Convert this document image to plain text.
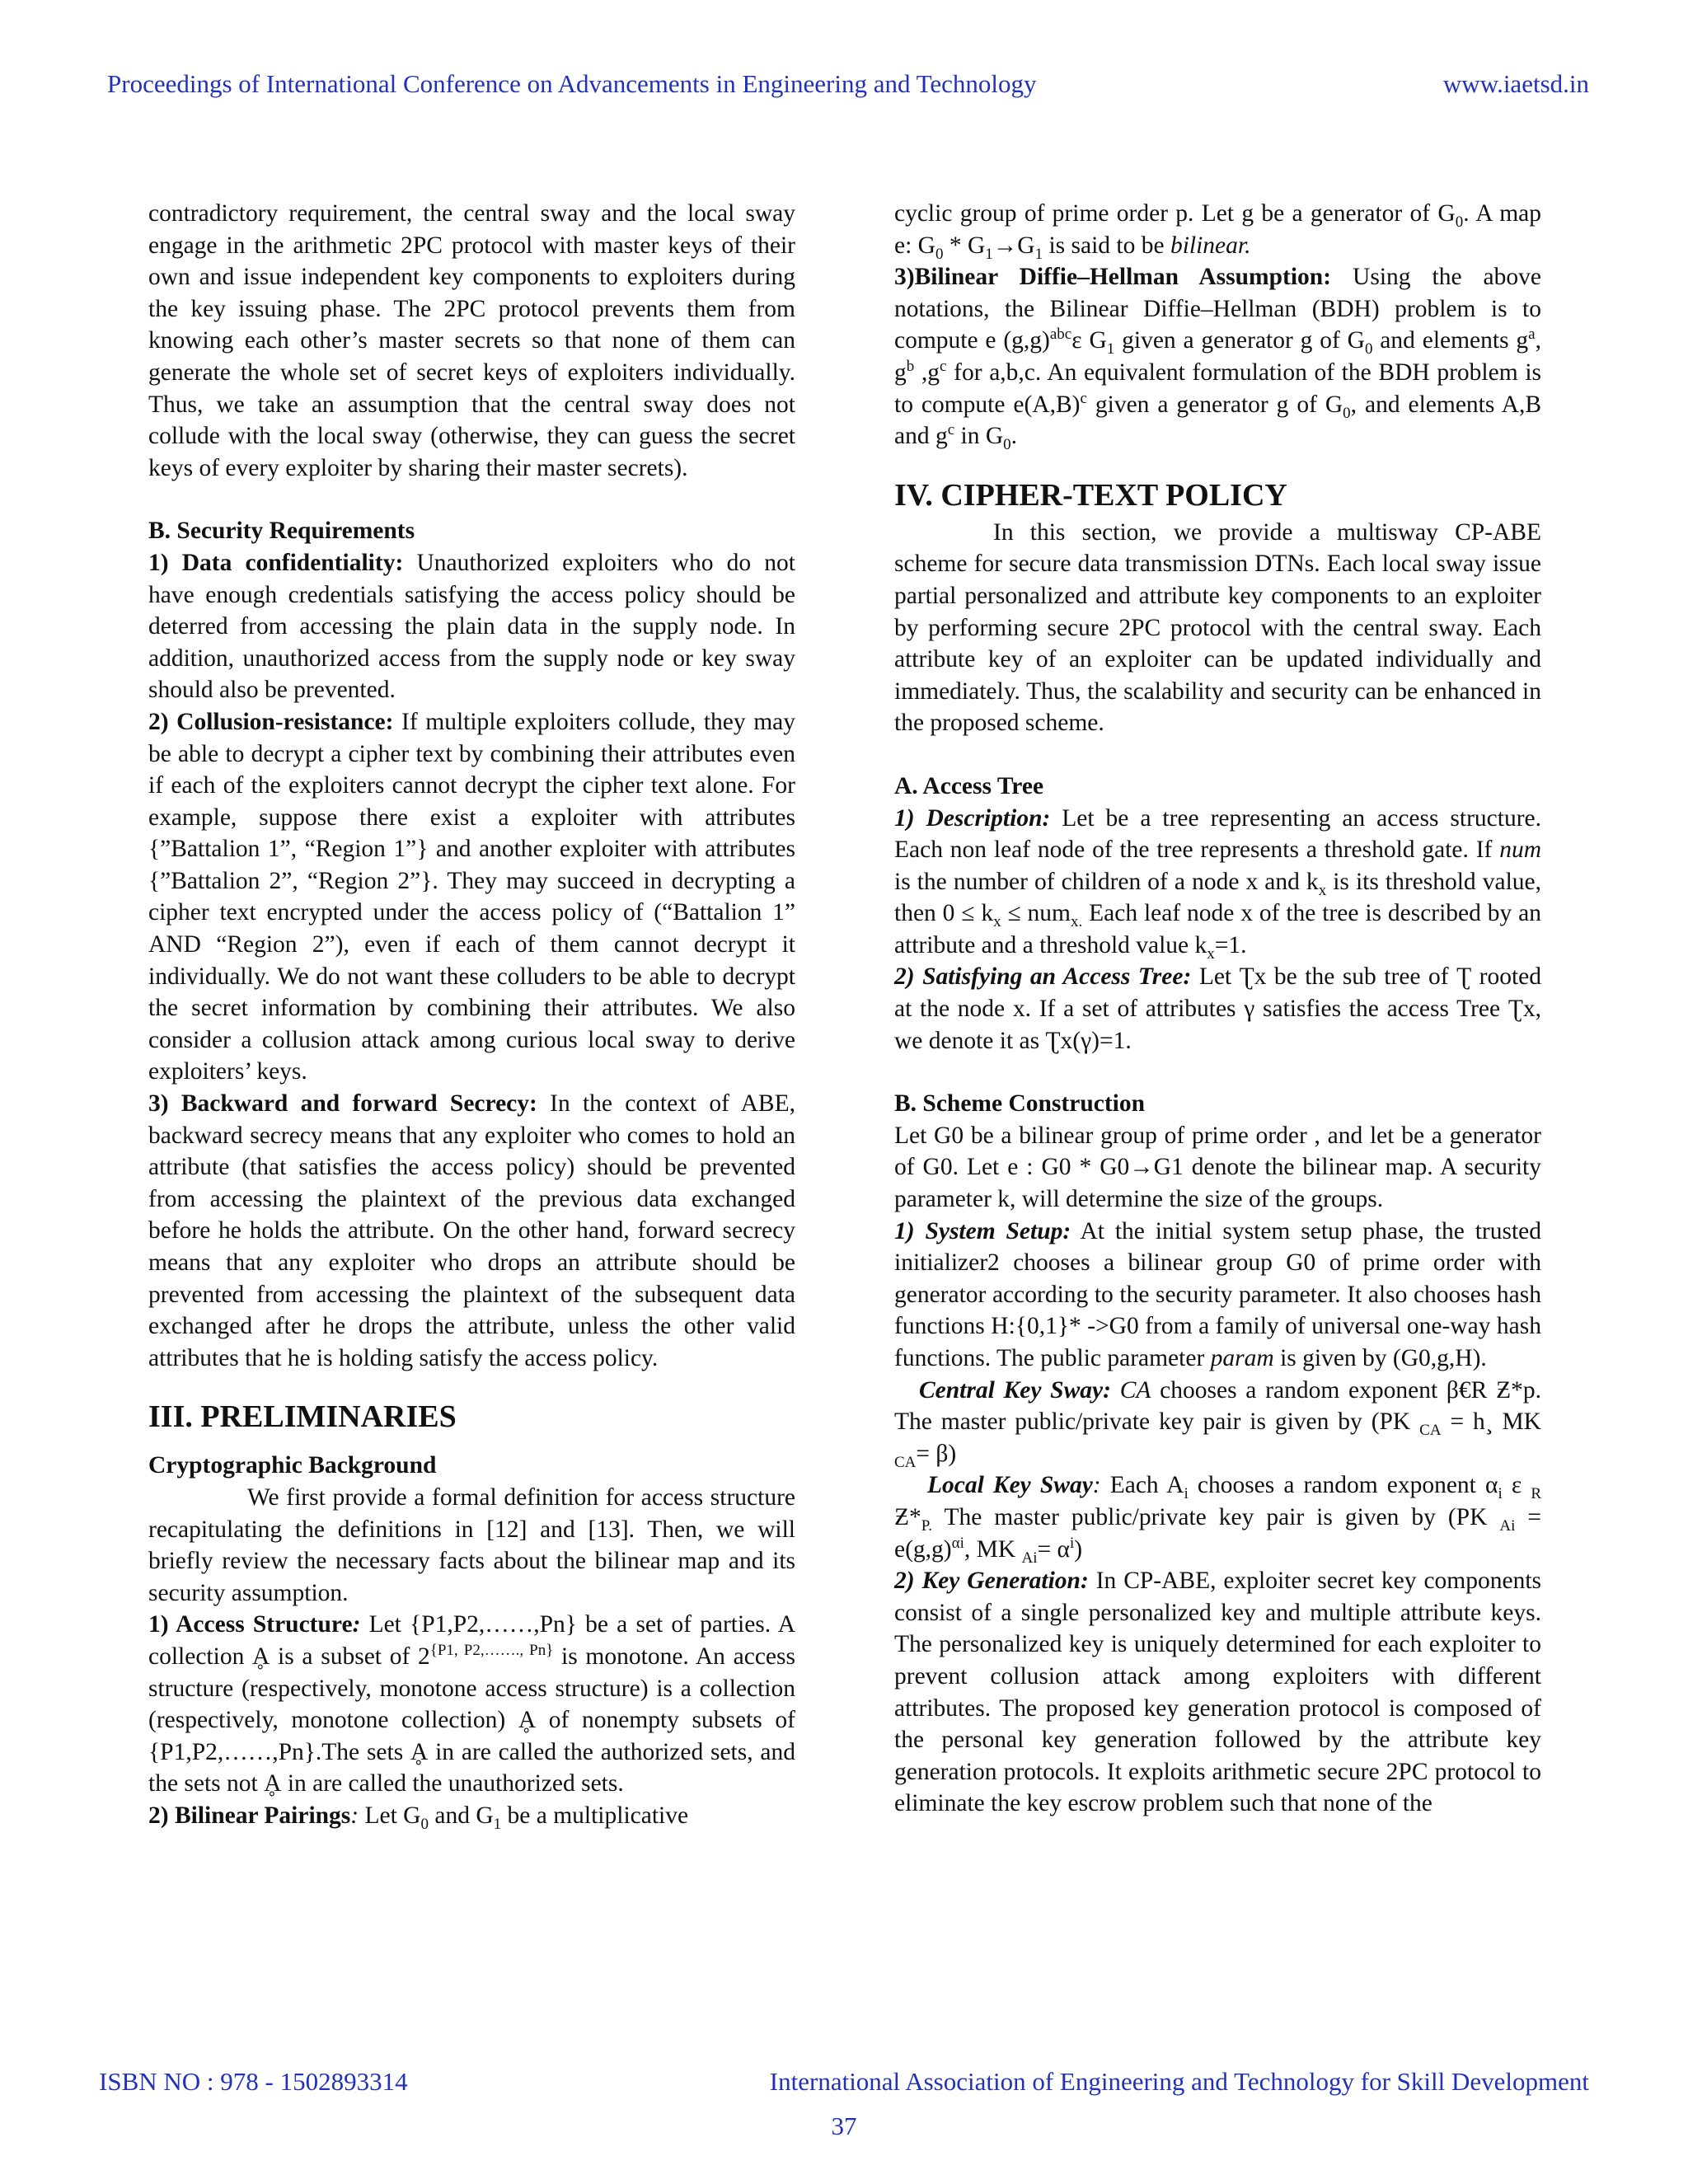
Proceedings of International Conference on Advancements in Engineering and Technology	www.iaetsd.in

contradictory requirement, the central sway and the local sway engage in the arithmetic 2PC protocol with master keys of their own and issue independent key components to exploiters during the key issuing phase. The 2PC protocol prevents them from knowing each other’s master secrets so that none of them can generate the whole set of secret keys of exploiters individually. Thus, we take an assumption that the central sway does not collude with the local sway (otherwise, they can guess the secret keys of every exploiter by sharing their master secrets).

B. Security Requirements

1) Data confidentiality: Unauthorized exploiters who do not have enough credentials satisfying the access policy should be deterred from accessing the plain data in the supply node. In addition, unauthorized access from the supply node or key sway should also be prevented.

2) Collusion-resistance: If multiple exploiters collude, they may be able to decrypt a cipher text by combining their attributes even if each of the exploiters cannot decrypt the cipher text alone. For example, suppose there exist a exploiter with attributes {”Battalion 1”, “Region 1”} and another exploiter with attributes {”Battalion 2”, “Region 2”}. They may succeed in decrypting a cipher text encrypted under the access policy of (“Battalion 1” AND “Region 2”), even if each of them cannot decrypt it individually. We do not want these colluders to be able to decrypt the secret information by combining their attributes. We also consider a collusion attack among curious local sway to derive exploiters’ keys.

3) Backward and forward Secrecy: In the context of ABE, backward secrecy means that any exploiter who comes to hold an attribute (that satisfies the access policy) should be prevented from accessing the plaintext of the previous data exchanged before he holds the attribute. On the other hand, forward secrecy means that any exploiter who drops an attribute should be prevented from accessing the plaintext of the subsequent data exchanged after he drops the attribute, unless the other valid attributes that he is holding satisfy the access policy.

III. PRELIMINARIES

Cryptographic Background

We first provide a formal definition for access structure recapitulating the definitions in [12] and [13]. Then, we will briefly review the necessary facts about the bilinear map and its security assumption.

1) Access Structure: Let {P1,P2,……,Pn} be a set of parties. A collection Ḁ is a subset of $2^{\{P1, P2,\dots\dots., Pn\}}$ is monotone. An access structure (respectively, monotone access structure) is a collection (respectively, monotone collection) Ḁ of nonempty subsets of {P1,P2,……,Pn}.The sets Ḁ in are called the authorized sets, and the sets not Ḁ in are called the unauthorized sets.

2) Bilinear Pairings: Let $G_0$ and $G_1$ be a multiplicative

cyclic group of prime order p. Let g be a generator of $G_0$. A map e: $G_0 * G_1\to G_1$ is said to be bilinear.

3)Bilinear Diffie–Hellman Assumption: Using the above notations, the Bilinear Diffie–Hellman (BDH) problem is to compute e $(g,g)^{abc}\varepsilon$ $G_1$ given a generator g of $G_0$ and elements $g^a$, $g^b$ $,g^c$ for a,b,c. An equivalent formulation of the BDH problem is to compute $e(A,B)^c$ given a generator g of $G_0$, and elements A,B and $g^c$ in $G_0$.

IV. CIPHER-TEXT POLICY

In this section, we provide a multisway CP-ABE scheme for secure data transmission DTNs. Each local sway issue partial personalized and attribute key components to an exploiter by performing secure 2PC protocol with the central sway. Each attribute key of an exploiter can be updated individually and immediately. Thus, the scalability and security can be enhanced in the proposed scheme.

A. Access Tree

1) Description: Let be a tree representing an access structure. Each non leaf node of the tree represents a threshold gate. If num is the number of children of a node x and $k_x$ is its threshold value, then $0 \le k_x \le num_{x.}$ Each leaf node x of the tree is described by an attribute and a threshold value $k_x=1$.

2) Satisfying an Access Tree: Let Ʈx be the sub tree of Ʈ rooted at the node x. If a set of attributes γ satisfies the access Tree Ʈx, we denote it as Ʈx(γ)=1.

B. Scheme Construction

Let G0 be a bilinear group of prime order , and let be a generator of G0. Let e : G0 * G0→G1 denote the bilinear map. A security parameter k, will determine the size of the groups.

1) System Setup: At the initial system setup phase, the trusted initializer2 chooses a bilinear group G0 of prime order with generator according to the security parameter. It also chooses hash functions H:{0,1}* ->G0 from a family of universal one-way hash functions. The public parameter param is given by (G0,g,H).

Central Key Sway: CA chooses a random exponent β€R Ƶ*p. The master public/private key pair is given by (PK $_{CA}$ = h¸ MK $_{CA}$= β)

Local Key Sway: Each $A_i$ chooses a random exponent $\alpha_i$ ε $_R$ $Ƶ*_{P.}$ The master public/private key pair is given by (PK $_{Ai} = e(g,g)^{\alpha i}$, MK $_{Ai}= \alpha^i$)

2) Key Generation: In CP-ABE, exploiter secret key components consist of a single personalized key and multiple attribute keys. The personalized key is uniquely determined for each exploiter to prevent collusion attack among exploiters with different attributes. The proposed key generation protocol is composed of the personal key generation followed by the attribute key generation protocols. It exploits arithmetic secure 2PC protocol to eliminate the key escrow problem such that none of the

ISBN NO : 978 - 1502893314	International Association of Engineering and Technology for Skill Development
37
